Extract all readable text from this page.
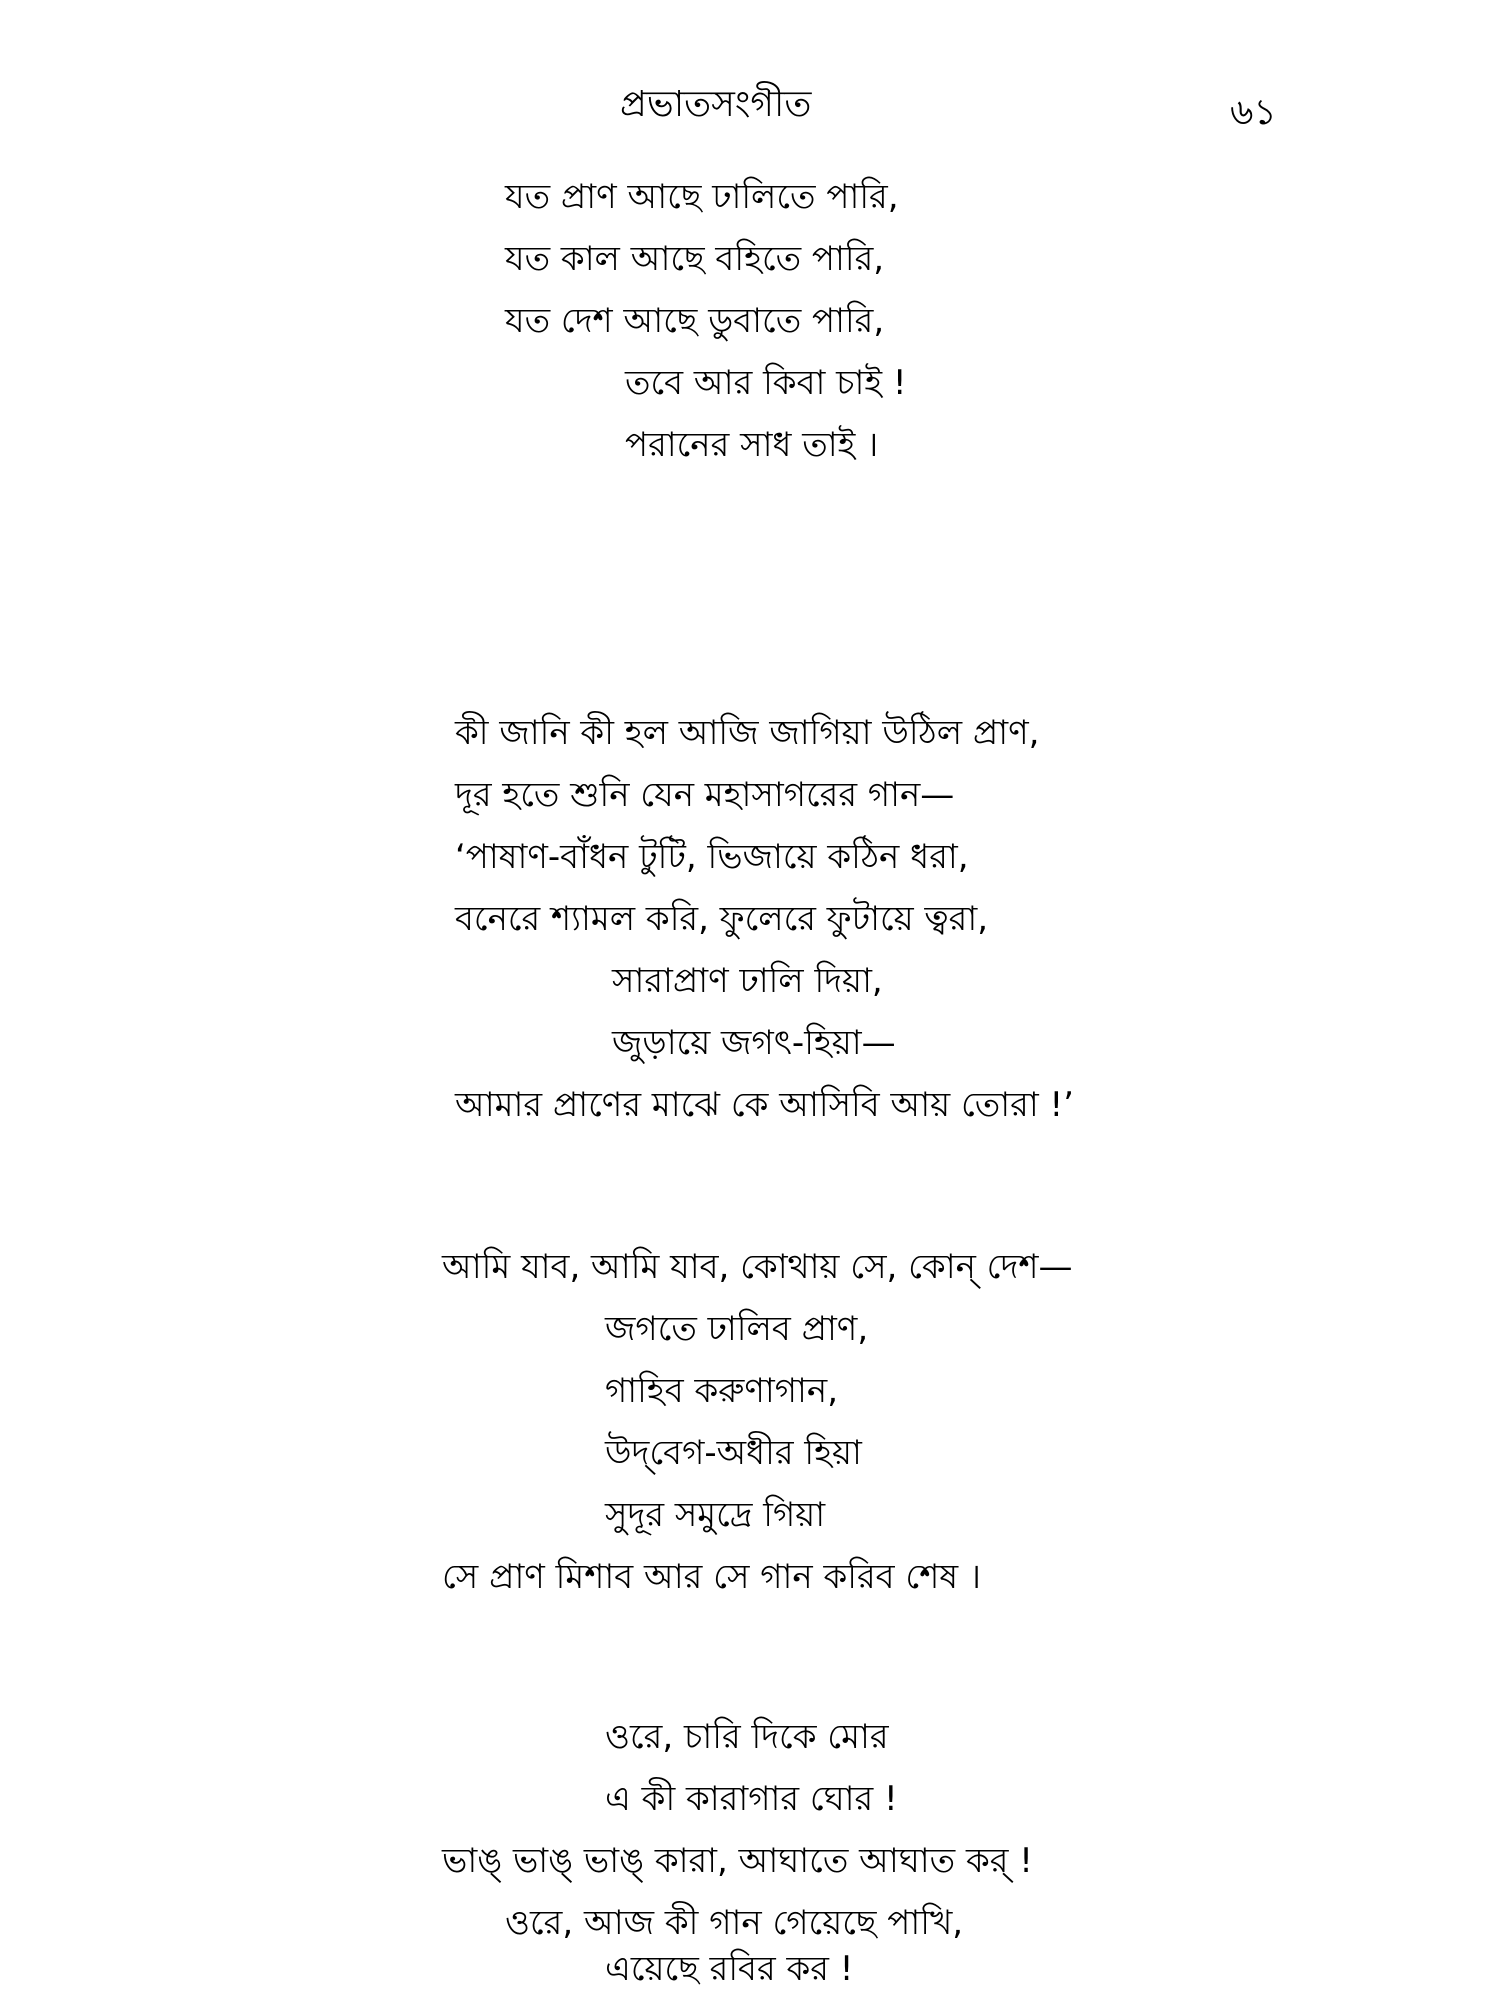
প্রভাতসংগীত	৬১
যত প্রাণ আছে ঢালিতে পারি,
যত কাল আছে বহিতে পারি,
যত দেশ আছে ডুবাতে পারি,
তবে আর কিবা চাই !
পরানের সাধ তাই ।
কী জানি কী হল আজি জাগিয়া উঠিল প্রাণ,
দূর হতে শুনি যেন মহাসাগরের গান—
‘পাষাণ-বাঁধন টুটি, ভিজায়ে কঠিন ধরা,
বনেরে শ্যামল করি, ফুলেরে ফুটায়ে ত্বরা,
সারাপ্রাণ ঢালি দিয়া,
জুড়ায়ে জগৎ-হিয়া—
আমার প্রাণের মাঝে কে আসিবি আয় তোরা !’
আমি যাব, আমি যাব, কোথায় সে, কোন্ দেশ—
জগতে ঢালিব প্রাণ,
গাহিব করুণাগান,
উদ্‌বেগ-অধীর হিয়া
সুদূর সমুদ্রে গিয়া
সে প্রাণ মিশাব আর সে গান করিব শেষ ।
ওরে, চারি দিকে মোর
এ কী কারাগার ঘোর !
ভাঙ্‌ ভাঙ্‌ ভাঙ্‌ কারা, আঘাতে আঘাত কর্ !
ওরে, আজ কী গান গেয়েছে পাখি,
এয়েছে রবির কর !
